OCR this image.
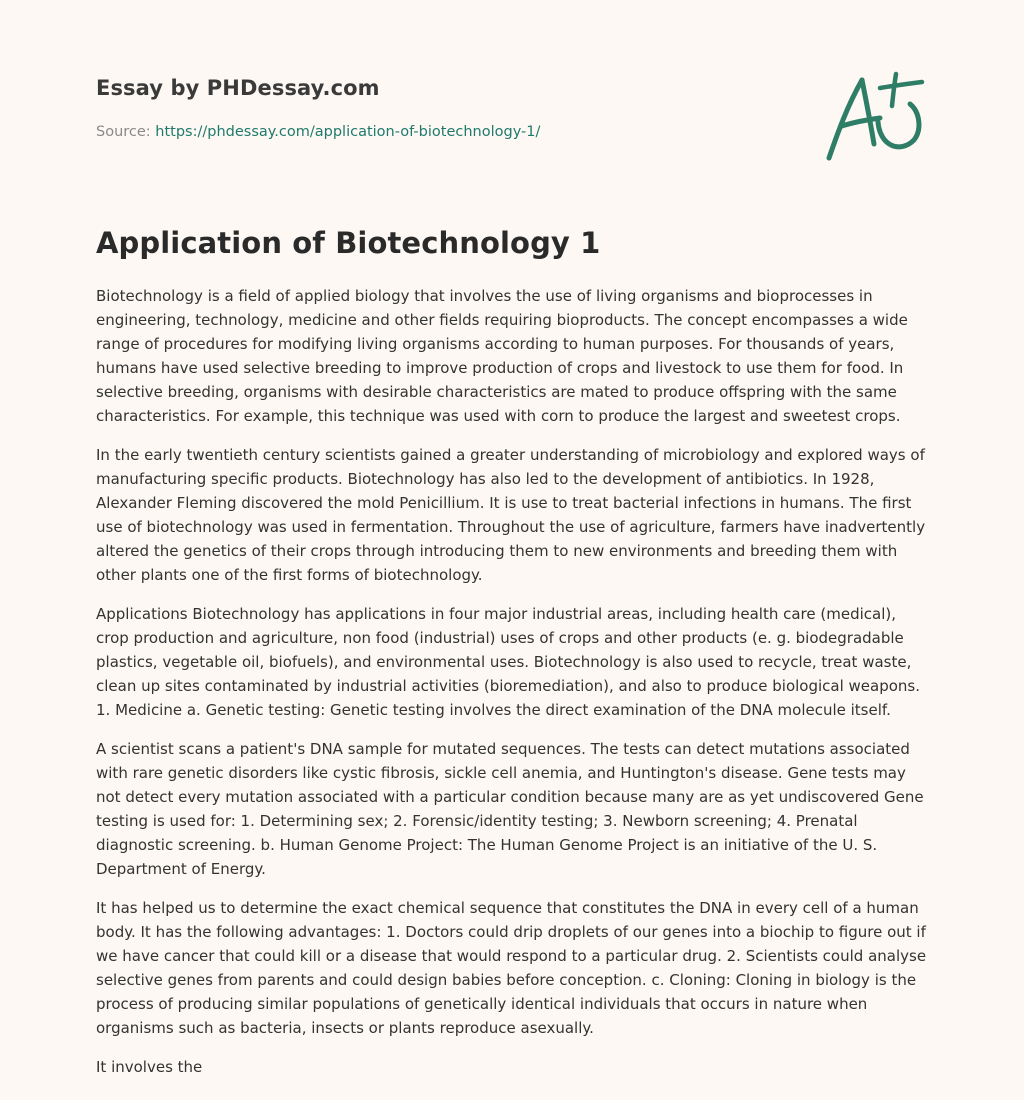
Essay by PHDessay.com
Source: https://phdessay.com/application-of-biotechnology-1/
Application of Biotechnology 1

Biotechnology is a field of applied biology that involves the use of living organisms and bioprocesses in engineering, technology, medicine and other fields requiring bioproducts. The concept encompasses a wide range of procedures for modifying living organisms according to human purposes. For thousands of years, humans have used selective breeding to improve production of crops and livestock to use them for food. In selective breeding, organisms with desirable characteristics are mated to produce offspring with the same characteristics. For example, this technique was used with corn to produce the largest and sweetest crops.

In the early twentieth century scientists gained a greater understanding of microbiology and explored ways of manufacturing specific products. Biotechnology has also led to the development of antibiotics. In 1928, Alexander Fleming discovered the mold Penicillium. It is use to treat bacterial infections in humans. The first use of biotechnology was used in fermentation. Throughout the use of agriculture, farmers have inadvertently altered the genetics of their crops through introducing them to new environments and breeding them with other plants one of the first forms of biotechnology.

Applications Biotechnology has applications in four major industrial areas, including health care (medical), crop production and agriculture, non food (industrial) uses of crops and other products (e. g. biodegradable plastics, vegetable oil, biofuels), and environmental uses. Biotechnology is also used to recycle, treat waste, clean up sites contaminated by industrial activities (bioremediation), and also to produce biological weapons. 1. Medicine a. Genetic testing: Genetic testing involves the direct examination of the DNA molecule itself.

A scientist scans a patient's DNA sample for mutated sequences. The tests can detect mutations associated with rare genetic disorders like cystic fibrosis, sickle cell anemia, and Huntington's disease. Gene tests may not detect every mutation associated with a particular condition because many are as yet undiscovered Gene testing is used for: 1. Determining sex; 2. Forensic/identity testing; 3. Newborn screening; 4. Prenatal diagnostic screening. b. Human Genome Project: The Human Genome Project is an initiative of the U. S. Department of Energy.

It has helped us to determine the exact chemical sequence that constitutes the DNA in every cell of a human body. It has the following advantages: 1. Doctors could drip droplets of our genes into a biochip to figure out if we have cancer that could kill or a disease that would respond to a particular drug. 2. Scientists could analyse selective genes from parents and could design babies before conception. c. Cloning: Cloning in biology is the process of producing similar populations of genetically identical individuals that occurs in nature when organisms such as bacteria, insects or plants reproduce asexually.

It involves the
